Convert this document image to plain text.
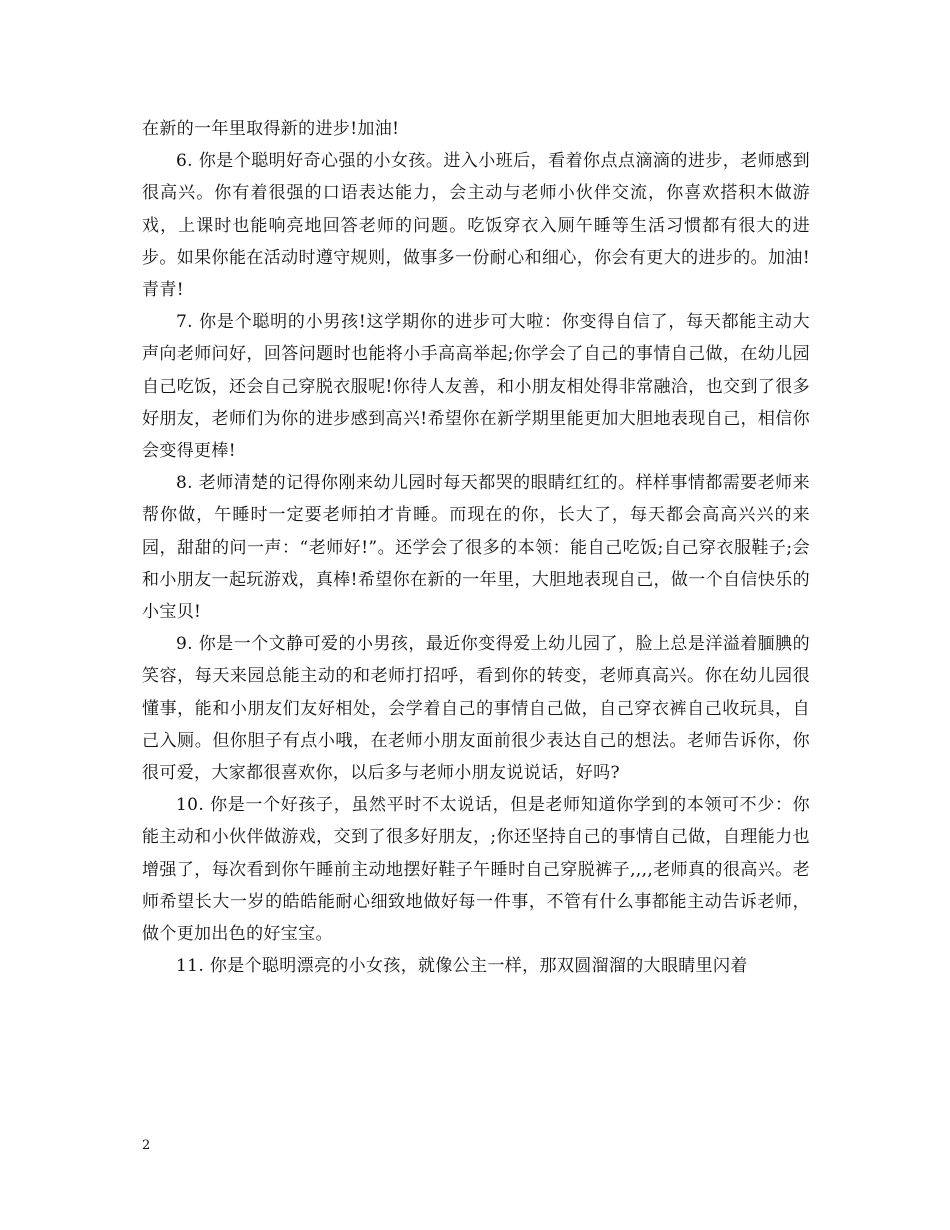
在新的一年里取得新的进步!加油!

6. 你是个聪明好奇心强的小女孩。进入小班后，看着你点点滴滴的进步，老师感到很高兴。你有着很强的口语表达能力，会主动与老师小伙伴交流，你喜欢搭积木做游戏，上课时也能响亮地回答老师的问题。吃饭穿衣入厕午睡等生活习惯都有很大的进步。如果你能在活动时遵守规则，做事多一份耐心和细心，你会有更大的进步的。加油!青青!

7. 你是个聪明的小男孩!这学期你的进步可大啦：你变得自信了，每天都能主动大声向老师问好，回答问题时也能将小手高高举起;你学会了自己的事情自己做，在幼儿园自己吃饭，还会自己穿脱衣服呢!你待人友善，和小朋友相处得非常融洽，也交到了很多好朋友，老师们为你的进步感到高兴!希望你在新学期里能更加大胆地表现自己，相信你会变得更棒!

8. 老师清楚的记得你刚来幼儿园时每天都哭的眼睛红红的。样样事情都需要老师来帮你做，午睡时一定要老师拍才肯睡。而现在的你，长大了，每天都会高高兴兴的来园，甜甜的问一声：“老师好!”。还学会了很多的本领：能自己吃饭;自己穿衣服鞋子;会和小朋友一起玩游戏，真棒!希望你在新的一年里，大胆地表现自己，做一个自信快乐的小宝贝!

9. 你是一个文静可爱的小男孩，最近你变得爱上幼儿园了，脸上总是洋溢着腼腆的笑容，每天来园总能主动的和老师打招呼，看到你的转变，老师真高兴。你在幼儿园很懂事，能和小朋友们友好相处，会学着自己的事情自己做，自己穿衣裤自己收玩具，自己入厕。但你胆子有点小哦，在老师小朋友面前很少表达自己的想法。老师告诉你，你很可爱，大家都很喜欢你，以后多与老师小朋友说说话，好吗?

10. 你是一个好孩子，虽然平时不太说话，但是老师知道你学到的本领可不少：你能主动和小伙伴做游戏，交到了很多好朋友，;你还坚持自己的事情自己做，自理能力也增强了，每次看到你午睡前主动地摆好鞋子午睡时自己穿脱裤子,,,,老师真的很高兴。老师希望长大一岁的皓皓能耐心细致地做好每一件事，不管有什么事都能主动告诉老师，做个更加出色的好宝宝。

11. 你是个聪明漂亮的小女孩，就像公主一样，那双圆溜溜的大眼睛里闪着

2
